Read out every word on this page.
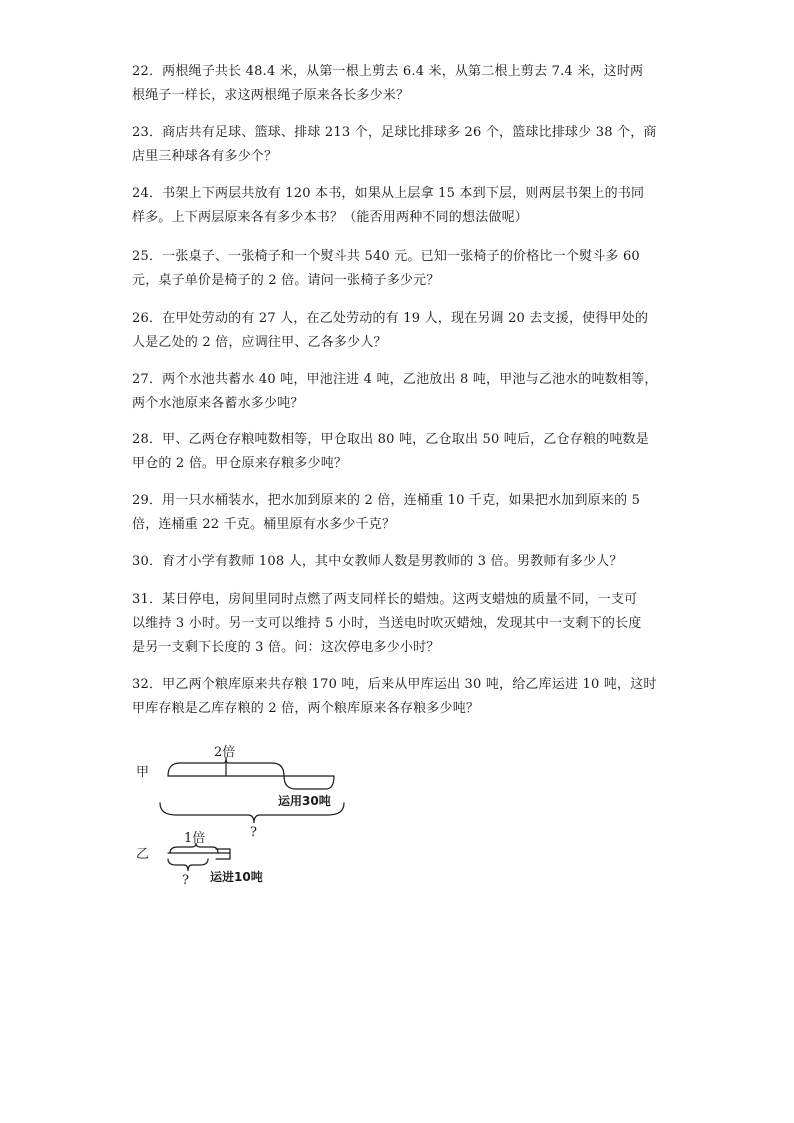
22．两根绳子共长 48.4 米，从第一根上剪去 6.4 米，从第二根上剪去 7.4 米，这时两
根绳子一样长，求这两根绳子原来各长多少米？
23．商店共有足球、篮球、排球 213 个，足球比排球多 26 个，篮球比排球少 38 个，商
店里三种球各有多少个？
24．书架上下两层共放有 120 本书，如果从上层拿 15 本到下层，则两层书架上的书同
样多。上下两层原来各有多少本书？（能否用两种不同的想法做呢）
25．一张桌子、一张椅子和一个熨斗共 540 元。已知一张椅子的价格比一个熨斗多 60
元，桌子单价是椅子的 2 倍。请问一张椅子多少元？
26．在甲处劳动的有 27 人，在乙处劳动的有 19 人，现在另调 20 去支援，使得甲处的
人是乙处的 2 倍，应调往甲、乙各多少人？
27．两个水池共蓄水 40 吨，甲池注进 4 吨，乙池放出 8 吨，甲池与乙池水的吨数相等，
两个水池原来各蓄水多少吨？
28．甲、乙两仓存粮吨数相等，甲仓取出 80 吨，乙仓取出 50 吨后，乙仓存粮的吨数是
甲仓的 2 倍。甲仓原来存粮多少吨？
29．用一只水桶装水，把水加到原来的 2 倍，连桶重 10 千克，如果把水加到原来的 5
倍，连桶重 22 千克。桶里原有水多少千克？
30．育才小学有教师 108 人，其中女教师人数是男教师的 3 倍。男教师有多少人？
31．某日停电，房间里同时点燃了两支同样长的蜡烛。这两支蜡烛的质量不同，一支可
以维持 3 小时。另一支可以维持 5 小时，当送电时吹灭蜡烛，发现其中一支剩下的长度
是另一支剩下长度的 3 倍。问：这次停电多少小时？
32．甲乙两个粮库原来共存粮 170 吨，后来从甲库运出 30 吨，给乙库运进 10 吨，这时
甲库存粮是乙库存粮的 2 倍，两个粮库原来各存粮多少吨？
甲
2倍
运用30吨
?
乙
1倍
运进10吨
?
